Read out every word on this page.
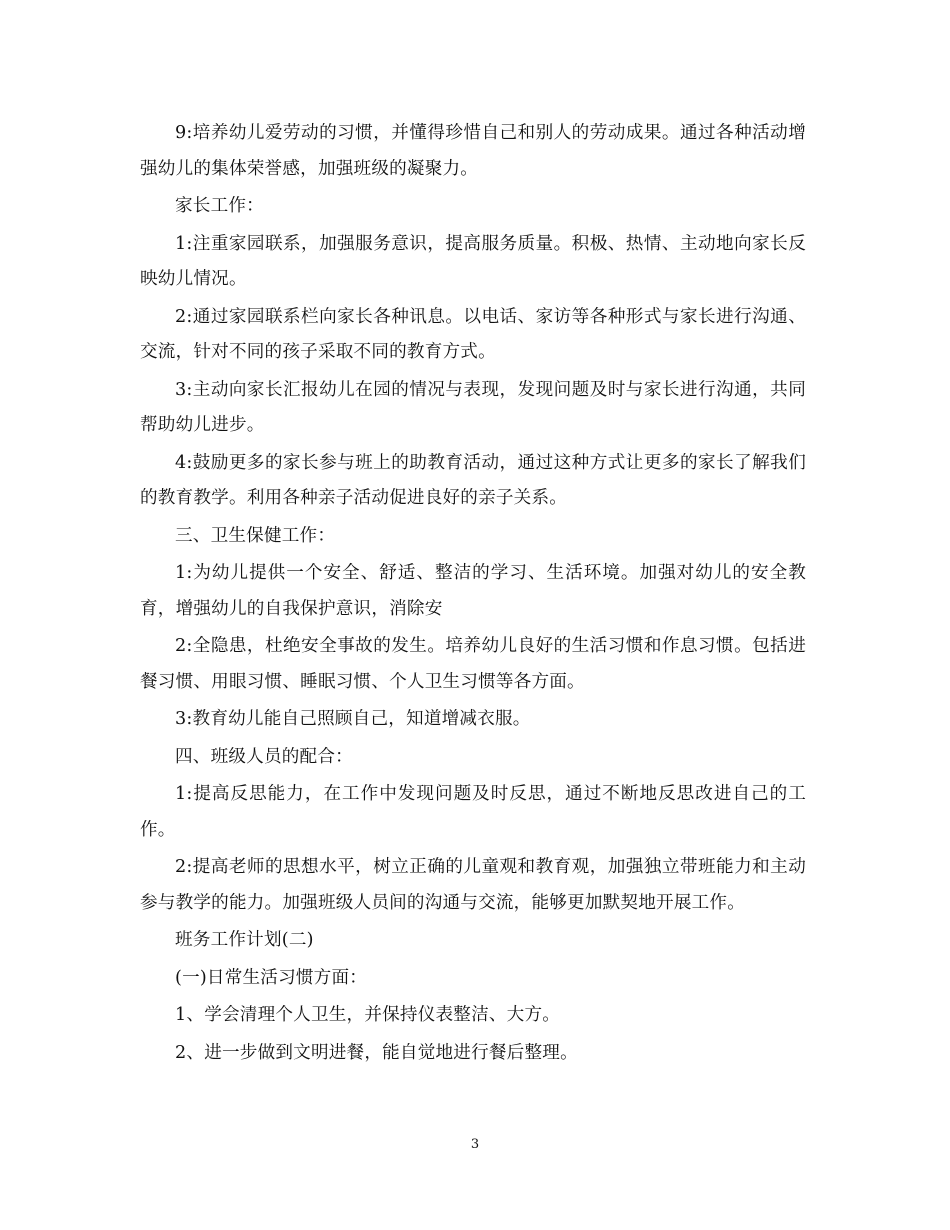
9:培养幼儿爱劳动的习惯，并懂得珍惜自己和别人的劳动成果。通过各种活动增强幼儿的集体荣誉感，加强班级的凝聚力。

家长工作：

1:注重家园联系，加强服务意识，提高服务质量。积极、热情、主动地向家长反映幼儿情况。

2:通过家园联系栏向家长各种讯息。以电话、家访等各种形式与家长进行沟通、交流，针对不同的孩子采取不同的教育方式。

3:主动向家长汇报幼儿在园的情况与表现，发现问题及时与家长进行沟通，共同帮助幼儿进步。

4:鼓励更多的家长参与班上的助教育活动，通过这种方式让更多的家长了解我们的教育教学。利用各种亲子活动促进良好的亲子关系。

三、卫生保健工作：

1:为幼儿提供一个安全、舒适、整洁的学习、生活环境。加强对幼儿的安全教育，增强幼儿的自我保护意识，消除安

2:全隐患，杜绝安全事故的发生。培养幼儿良好的生活习惯和作息习惯。包括进餐习惯、用眼习惯、睡眠习惯、个人卫生习惯等各方面。

3:教育幼儿能自己照顾自己，知道增减衣服。

四、班级人员的配合：

1:提高反思能力，在工作中发现问题及时反思，通过不断地反思改进自己的工作。

2:提高老师的思想水平，树立正确的儿童观和教育观，加强独立带班能力和主动参与教学的能力。加强班级人员间的沟通与交流，能够更加默契地开展工作。

班务工作计划(二)

(一)日常生活习惯方面：

1、学会清理个人卫生，并保持仪表整洁、大方。

2、进一步做到文明进餐，能自觉地进行餐后整理。

3
